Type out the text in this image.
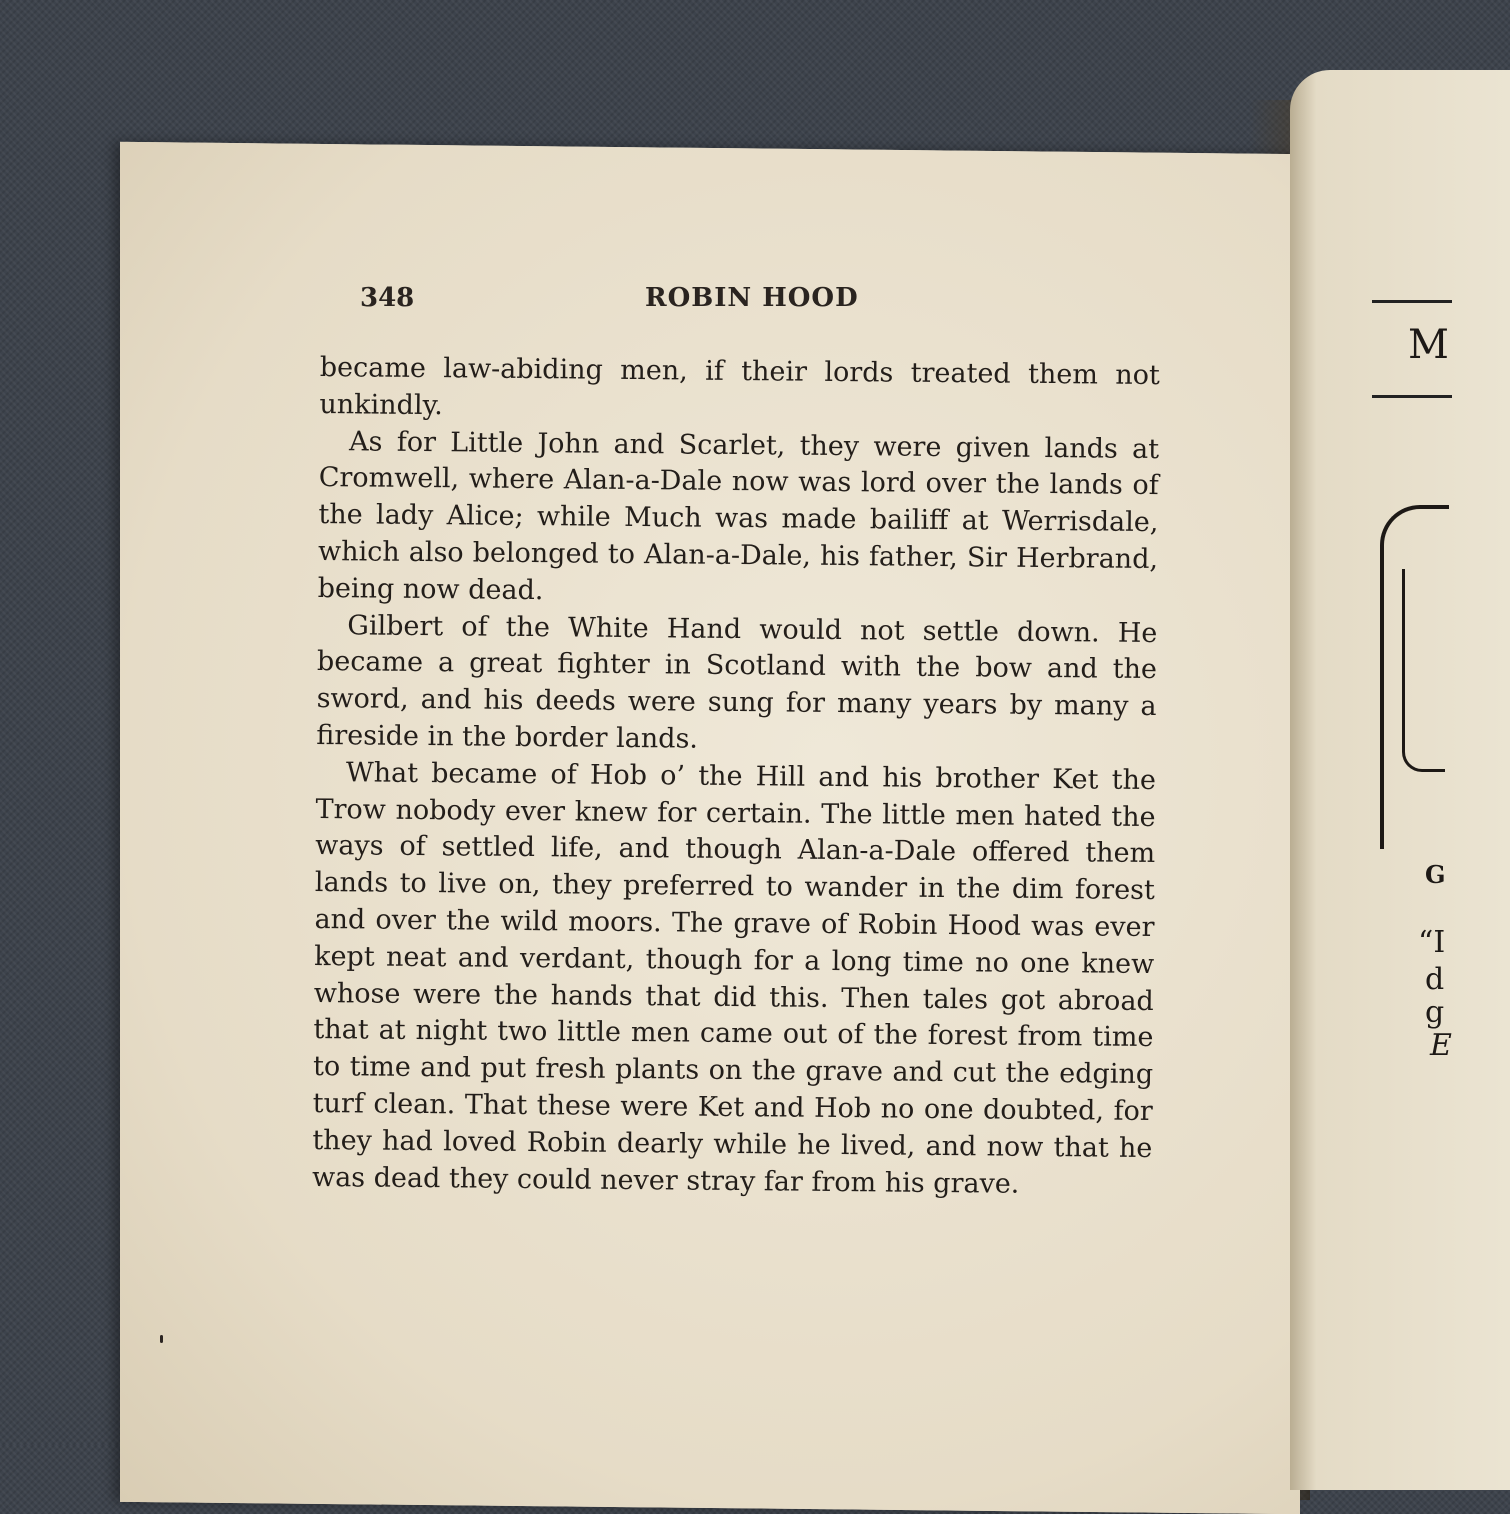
348	ROBIN HOOD

became law-abiding men, if their lords treated them not unkindly.

As for Little John and Scarlet, they were given lands at Cromwell, where Alan-a-Dale now was lord over the lands of the lady Alice; while Much was made bailiff at Werrisdale, which also belonged to Alan-a-Dale, his father, Sir Herbrand, being now dead.

Gilbert of the White Hand would not settle down. He became a great fighter in Scotland with the bow and the sword, and his deeds were sung for many years by many a fireside in the border lands.

What became of Hob o’ the Hill and his brother Ket the Trow nobody ever knew for certain. The little men hated the ways of settled life, and though Alan-a-Dale offered them lands to live on, they preferred to wander in the dim forest and over the wild moors. The grave of Robin Hood was ever kept neat and verdant, though for a long time no one knew whose were the hands that did this. Then tales got abroad that at night two little men came out of the forest from time to time and put fresh plants on the grave and cut the edging turf clean. That these were Ket and Hob no one doubted, for they had loved Robin dearly while he lived, and now that he was dead they could never stray far from his grave.

M
G
“I
d
g
E
